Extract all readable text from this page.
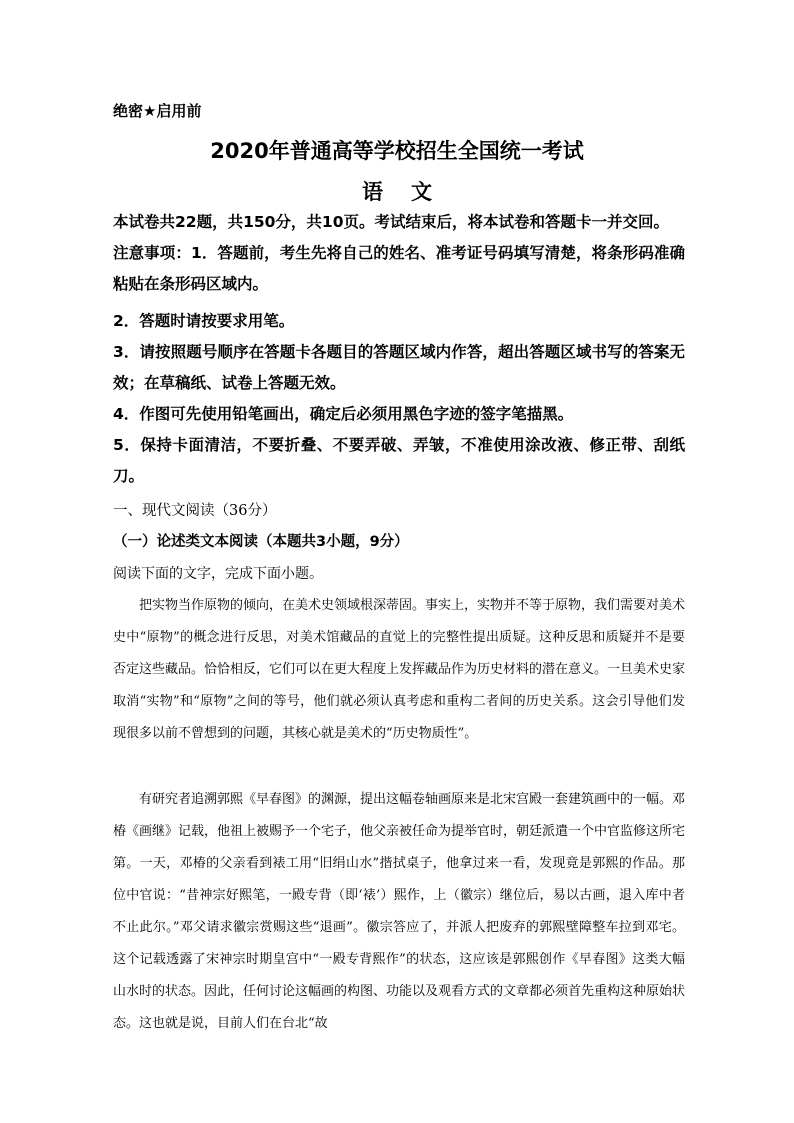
绝密★启用前
2020年普通高等学校招生全国统一考试
语文
本试卷共22题，共150分，共10页。考试结束后，将本试卷和答题卡一并交回。
注意事项：1．答题前，考生先将自己的姓名、准考证号码填写清楚，将条形码准确粘贴在条形码区域内。
2．答题时请按要求用笔。
3．请按照题号顺序在答题卡各题目的答题区域内作答，超出答题区域书写的答案无效；在草稿纸、试卷上答题无效。
4．作图可先使用铅笔画出，确定后必须用黑色字迹的签字笔描黑。
5．保持卡面清洁，不要折叠、不要弄破、弄皱，不准使用涂改液、修正带、刮纸刀。
一、现代文阅读（36分）
（一）论述类文本阅读（本题共3小题，9分）
阅读下面的文字，完成下面小题。
把实物当作原物的倾向，在美术史领域根深蒂固。事实上，实物并不等于原物，我们需要对美术史中“原物”的概念进行反思，对美术馆藏品的直觉上的完整性提出质疑。这种反思和质疑并不是要否定这些藏品。恰恰相反，它们可以在更大程度上发挥藏品作为历史材料的潜在意义。一旦美术史家取消“实物”和“原物”之间的等号，他们就必须认真考虑和重构二者间的历史关系。这会引导他们发现很多以前不曾想到的问题，其核心就是美术的“历史物质性”。
有研究者追溯郭熙《早春图》的渊源，提出这幅卷轴画原来是北宋宫殿一套建筑画中的一幅。邓椿《画继》记载，他祖上被赐予一个宅子，他父亲被任命为提举官时，朝廷派遣一个中官监修这所宅第。一天，邓椿的父亲看到裱工用“旧绢山水”揩拭桌子，他拿过来一看，发现竟是郭熙的作品。那位中官说：“昔神宗好熙笔，一殿专背（即‘裱’）熙作，上（徽宗）继位后，易以古画，退入库中者不止此尔。”邓父请求徽宗赏赐这些“退画”。徽宗答应了，并派人把废弃的郭熙壁障整车拉到邓宅。这个记载透露了宋神宗时期皇宫中“一殿专背熙作”的状态，这应该是郭熙创作《早春图》这类大幅山水时的状态。因此，任何讨论这幅画的构图、功能以及观看方式的文章都必须首先重构这种原始状态。这也就是说，目前人们在台北“故
